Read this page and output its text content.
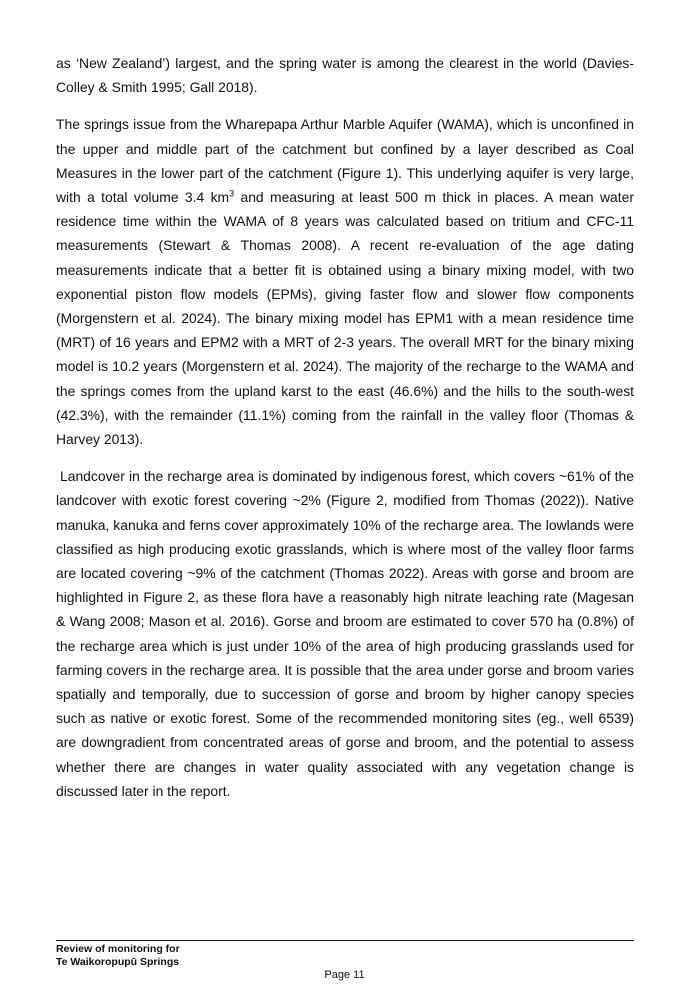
as ‘New Zealand’) largest, and the spring water is among the clearest in the world (Davies-Colley & Smith 1995; Gall 2018).

The springs issue from the Wharepapa Arthur Marble Aquifer (WAMA), which is unconfined in the upper and middle part of the catchment but confined by a layer described as Coal Measures in the lower part of the catchment (Figure 1). This underlying aquifer is very large, with a total volume 3.4 $km^3$ and measuring at least 500 m thick in places. A mean water residence time within the WAMA of 8 years was calculated based on tritium and CFC-11 measurements (Stewart & Thomas 2008). A recent re-evaluation of the age dating measurements indicate that a better fit is obtained using a binary mixing model, with two exponential piston flow models (EPMs), giving faster flow and slower flow components (Morgenstern et al. 2024). The binary mixing model has EPM1 with a mean residence time (MRT) of 16 years and EPM2 with a MRT of 2-3 years. The overall MRT for the binary mixing model is 10.2 years (Morgenstern et al. 2024). The majority of the recharge to the WAMA and the springs comes from the upland karst to the east (46.6%) and the hills to the south-west (42.3%), with the remainder (11.1%) coming from the rainfall in the valley floor (Thomas & Harvey 2013).

Landcover in the recharge area is dominated by indigenous forest, which covers ~61% of the landcover with exotic forest covering ~2% (Figure 2, modified from Thomas (2022)). Native manuka, kanuka and ferns cover approximately 10% of the recharge area. The lowlands were classified as high producing exotic grasslands, which is where most of the valley floor farms are located covering ~9% of the catchment (Thomas 2022). Areas with gorse and broom are highlighted in Figure 2, as these flora have a reasonably high nitrate leaching rate (Magesan & Wang 2008; Mason et al. 2016). Gorse and broom are estimated to cover 570 ha (0.8%) of the recharge area which is just under 10% of the area of high producing grasslands used for farming covers in the recharge area. It is possible that the area under gorse and broom varies spatially and temporally, due to succession of gorse and broom by higher canopy species such as native or exotic forest. Some of the recommended monitoring sites (eg., well 6539) are downgradient from concentrated areas of gorse and broom, and the potential to assess whether there are changes in water quality associated with any vegetation change is discussed later in the report.

Review of monitoring for
Te Waikoropupū Springs
Page 11
